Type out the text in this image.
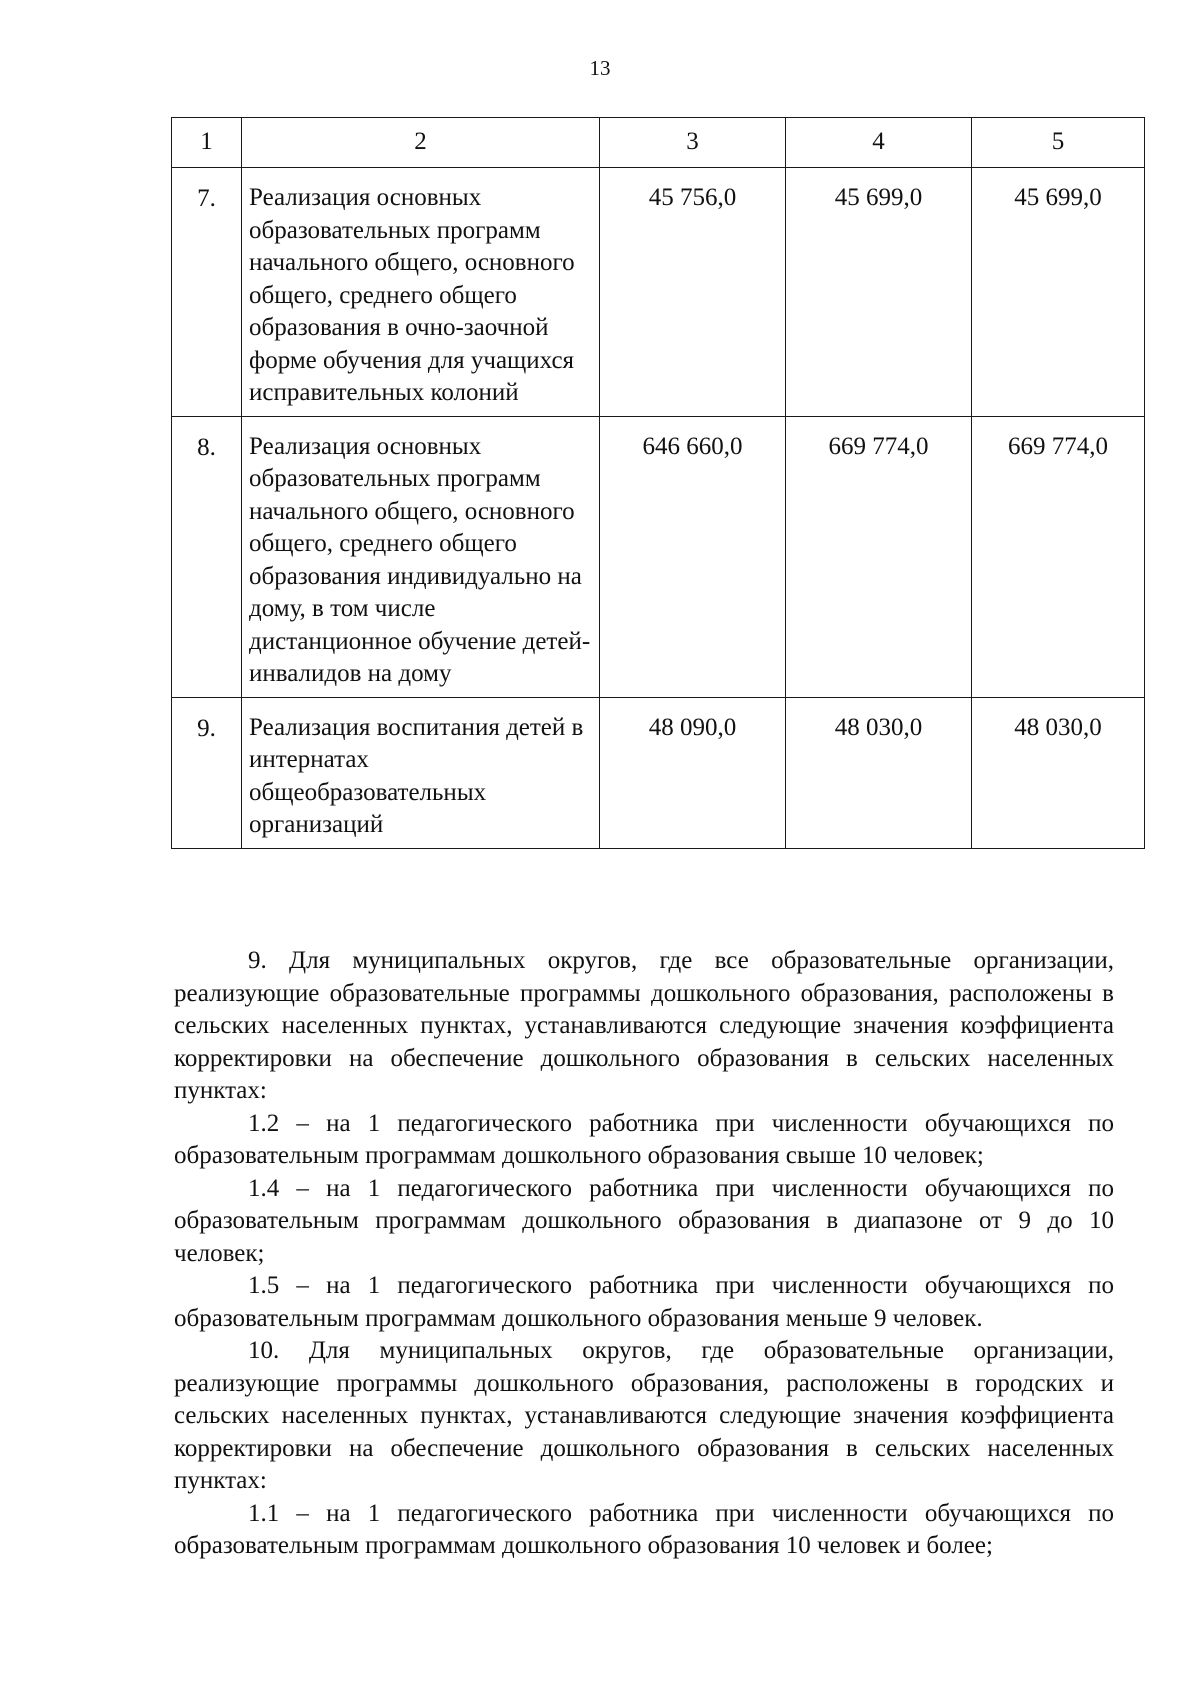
13
1	2	3	4	5
7.	Реализация основных образовательных программ начального общего, основного общего, среднего общего образования в очно-заочной форме обучения для учащихся исправительных колоний	45 756,0	45 699,0	45 699,0
8.	Реализация основных образовательных программ начального общего, основного общего, среднего общего образования индивидуально на дому, в том числе дистанционное обучение детей-инвалидов на дому	646 660,0	669 774,0	669 774,0
9.	Реализация воспитания детей в интернатах общеобразовательных организаций	48 090,0	48 030,0	48 030,0

9. Для муниципальных округов, где все образовательные организации, реализующие образовательные программы дошкольного образования, расположены в сельских населенных пунктах, устанавливаются следующие значения коэффициента корректировки на обеспечение дошкольного образования в сельских населенных пунктах:

1.2 – на 1 педагогического работника при численности обучающихся по образовательным программам дошкольного образования свыше 10 человек;

1.4 – на 1 педагогического работника при численности обучающихся по образовательным программам дошкольного образования в диапазоне от 9 до 10 человек;

1.5 – на 1 педагогического работника при численности обучающихся по образовательным программам дошкольного образования меньше 9 человек.

10. Для муниципальных округов, где образовательные организации, реализующие программы дошкольного образования, расположены в городских и сельских населенных пунктах, устанавливаются следующие значения коэффициента корректировки на обеспечение дошкольного образования в сельских населенных пунктах:

1.1 – на 1 педагогического работника при численности обучающихся по образовательным программам дошкольного образования 10 человек и более;
